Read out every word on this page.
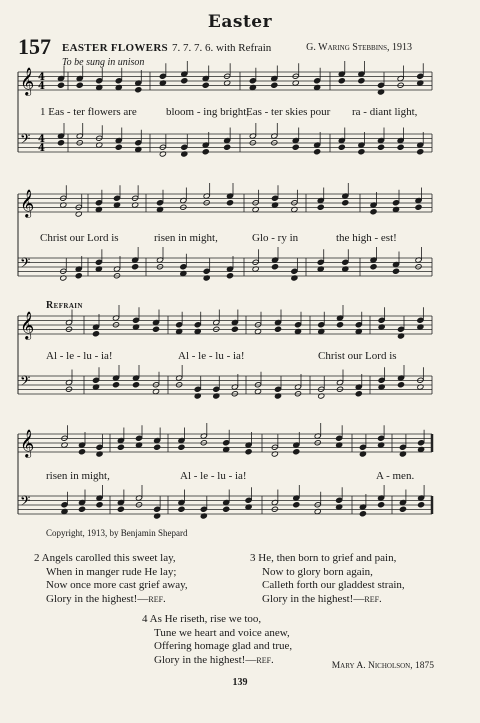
Easter
157 EASTER FLOWERS 7. 7. 7. 6. with Refrain	G. Waring Stebbins, 1913
To be sung in unison
𝄞
𝄢
4
4
4
4
𝄞
𝄢
𝄞
𝄢
𝄞
𝄢
1 Eas - ter flowers are	bloom - ing bright,
Eas - ter skies pour ra - diant light,
Christ our Lord is	risen in might,	Glo - ry in	the high - est!
Refrain
Al - le - lu - ia!	Al - le - lu - ia!	Christ our Lord is
risen in might,	Al - le - lu - ia!	A - men.
Copyright, 1913, by Benjamin Shepard
2 Angels carolled this sweet lay,
When in manger rude He lay;
Now once more cast grief away,
Glory in the highest!—ref.
3 He, then born to grief and pain,
Now to glory born again,
Calleth forth our gladdest strain,
Glory in the highest!—ref.
4 As He riseth, rise we too,
Tune we heart and voice anew,
Offering homage glad and true,
Glory in the highest!—ref.
Mary A. Nicholson, 1875
139
